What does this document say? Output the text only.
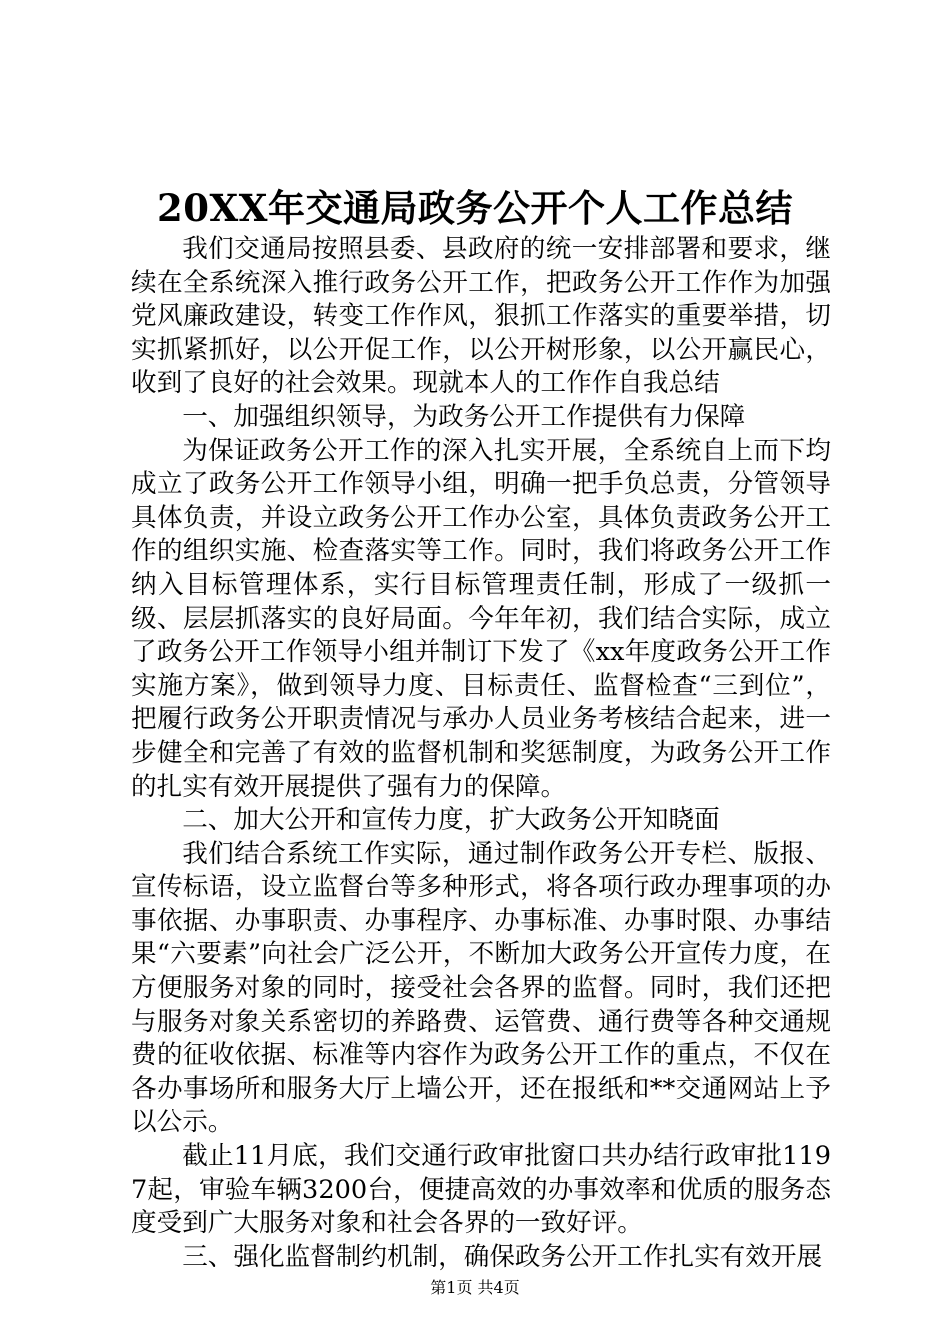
20XX年交通局政务公开个人工作总结

我们交通局按照县委、县政府的统一安排部署和要求，继续在全系统深入推行政务公开工作，把政务公开工作作为加强党风廉政建设，转变工作作风，狠抓工作落实的重要举措，切实抓紧抓好，以公开促工作，以公开树形象，以公开赢民心，收到了良好的社会效果。现就本人的工作作自我总结

一、加强组织领导，为政务公开工作提供有力保障

为保证政务公开工作的深入扎实开展，全系统自上而下均成立了政务公开工作领导小组，明确一把手负总责，分管领导具体负责，并设立政务公开工作办公室，具体负责政务公开工作的组织实施、检查落实等工作。同时，我们将政务公开工作纳入目标管理体系，实行目标管理责任制，形成了一级抓一级、层层抓落实的良好局面。今年年初，我们结合实际，成立了政务公开工作领导小组并制订下发了《xx年度政务公开工作实施方案》，做到领导力度、目标责任、监督检查“三到位”，把履行政务公开职责情况与承办人员业务考核结合起来，进一步健全和完善了有效的监督机制和奖惩制度，为政务公开工作的扎实有效开展提供了强有力的保障。

二、加大公开和宣传力度，扩大政务公开知晓面

我们结合系统工作实际，通过制作政务公开专栏、版报、宣传标语，设立监督台等多种形式，将各项行政办理事项的办事依据、办事职责、办事程序、办事标准、办事时限、办事结果“六要素”向社会广泛公开，不断加大政务公开宣传力度，在方便服务对象的同时，接受社会各界的监督。同时，我们还把与服务对象关系密切的养路费、运管费、通行费等各种交通规费的征收依据、标准等内容作为政务公开工作的重点，不仅在各办事场所和服务大厅上墙公开，还在报纸和**交通网站上予以公示。

截止11月底，我们交通行政审批窗口共办结行政审批1197起，审验车辆3200台，便捷高效的办事效率和优质的服务态度受到广大服务对象和社会各界的一致好评。

三、强化监督制约机制，确保政务公开工作扎实有效开展

第1页 共4页
